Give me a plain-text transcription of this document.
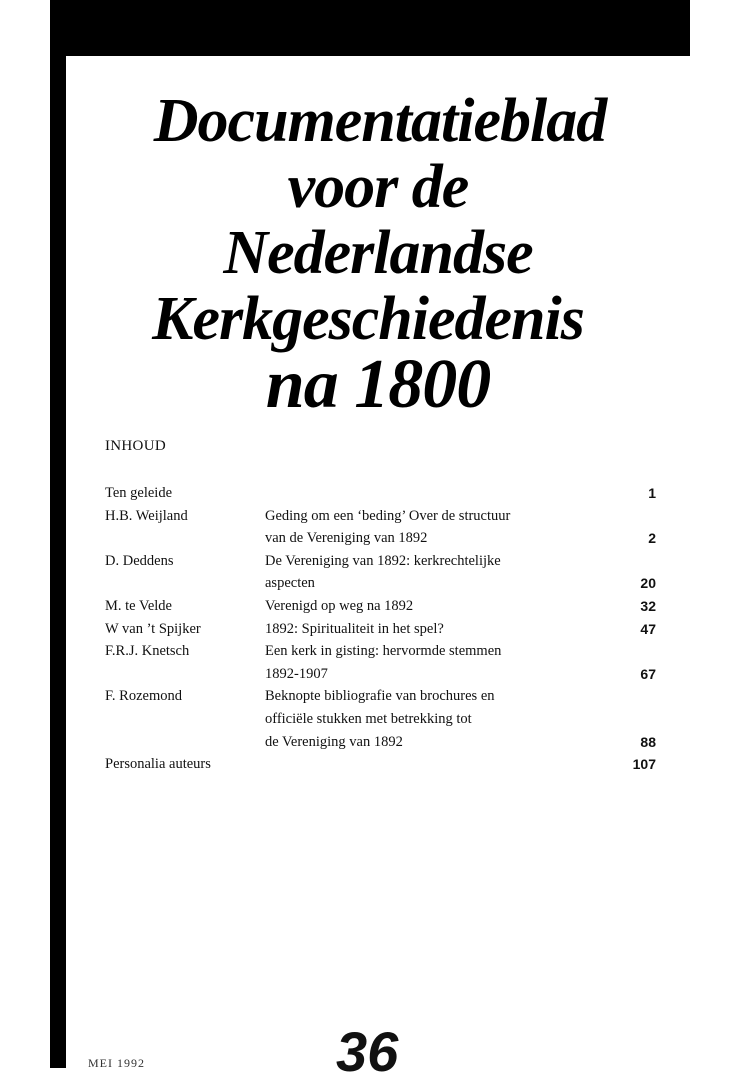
Documentatieblad
voor de
Nederlandse
Kerkgeschiedenis
na 1800
INHOUD
Ten geleide	1
H.B. Weijland	Geding om een ‘beding’ Over de structuur
van de Vereniging van 1892	2
D. Deddens	De Vereniging van 1892: kerkrechtelijke
aspecten	20
M. te Velde	Verenigd op weg na 1892	32
W van ’t Spijker	1892: Spiritualiteit in het spel?	47
F.R.J. Knetsch	Een kerk in gisting: hervormde stemmen
1892-1907	67
F. Rozemond	Beknopte bibliografie van brochures en
officiële stukken met betrekking tot
de Vereniging van 1892	88
Personalia auteurs	107
36
MEI 1992
